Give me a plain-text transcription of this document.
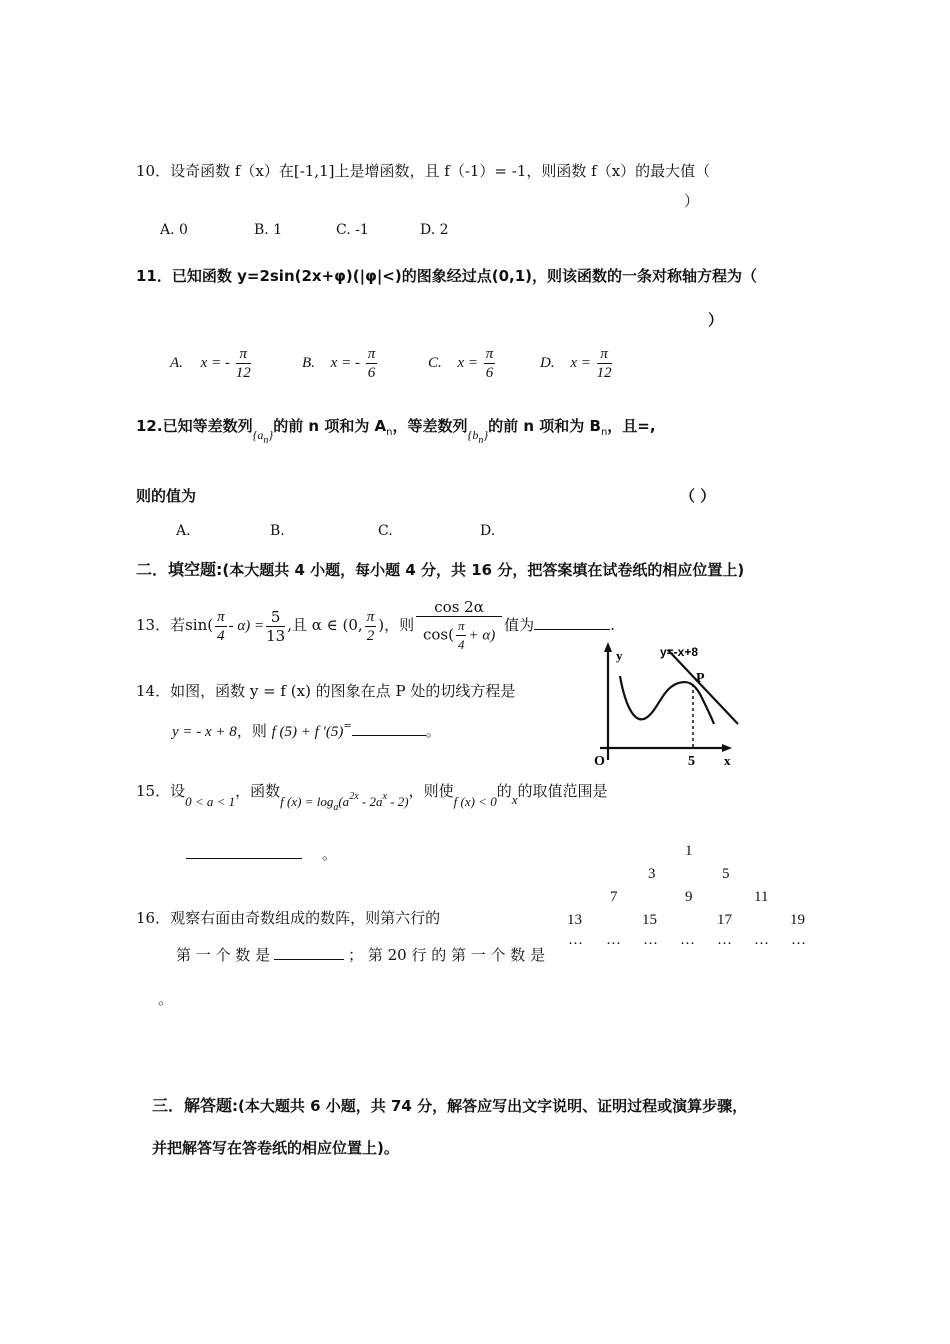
10．设奇函数 f（x）在[-1,1]上是增函数，且 f（-1）= -1，则函数 f（x）的最大值（
）
A. 0	B. 1	C. -1	D. 2
11．已知函数 y=2sin(2x+φ)(|φ|<)的图象经过点(0,1)，则该函数的一条对称轴方程为（
）
A. x = - $\frac{\pi}{12}$	B. x = - $\frac{\pi}{6}$	C. $x = \frac{\pi}{6}$	D. $x = \frac{\pi}{12}$
12.已知等差数列$_{\{a_n\}}$的前 n 项和为 $A_n$，等差数列$_{\{b_n\}}$的前 n 项和为 $B_n$，且=,
则的值为	（ ）
A.	B.	C.	D.
二．填空题:(本大题共 4 小题，每小题 4 分，共 16 分，把答案填在试卷纸的相应位置上)
13．若$\sin( \frac{\pi}{4} - \alpha) = \frac{5}{13}$ ,且 α ∈ (0, $\frac{\pi}{2}$ )，则 $\frac{\cos 2\alpha}{\cos( \frac{\pi}{4} + \alpha)}$ 值为	.
14．如图，函数 y = f (x) 的图象在点 P 处的切线方程是
y = - x + 8，则 f (5) + f ′(5)=	。
y	y=-x+8
P
O	5 x
15．设0 < a < 1，函数f $(x) = \log_a(a^{2x} - 2a^x - 2)$，则使f (x) < 0的x的取值范围是
。
16．观察右面由奇数组成的数阵，则第六行的
第 一 个 数 是	； 第 20 行 的 第 一 个 数 是
。
1
3	5
7	9	11
13	15	17	19
… … … … … … …
三．解答题:(本大题共 6 小题，共 74 分，解答应写出文字说明、证明过程或演算步骤，
并把解答写在答卷纸的相应位置上)。
